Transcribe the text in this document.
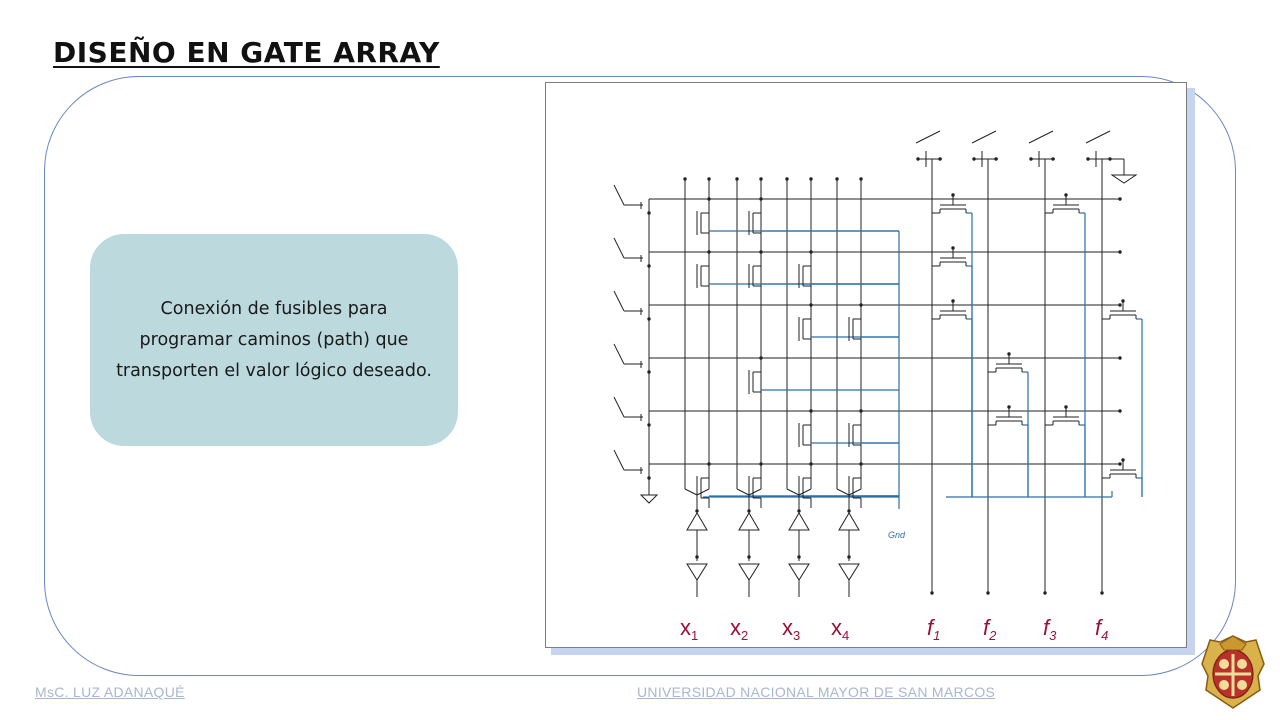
DISEÑO EN GATE ARRAY
Conexión de fusibles para programar caminos (path) que transporten el valor lógico deseado.
Gnd
$x_1$ $x_2$ $x_3$ $x_4$	$f_1$ $f_2$ $f_3$ $f_4$
MsC. LUZ ADANAQUÉ	UNIVERSIDAD NACIONAL MAYOR DE SAN MARCOS
